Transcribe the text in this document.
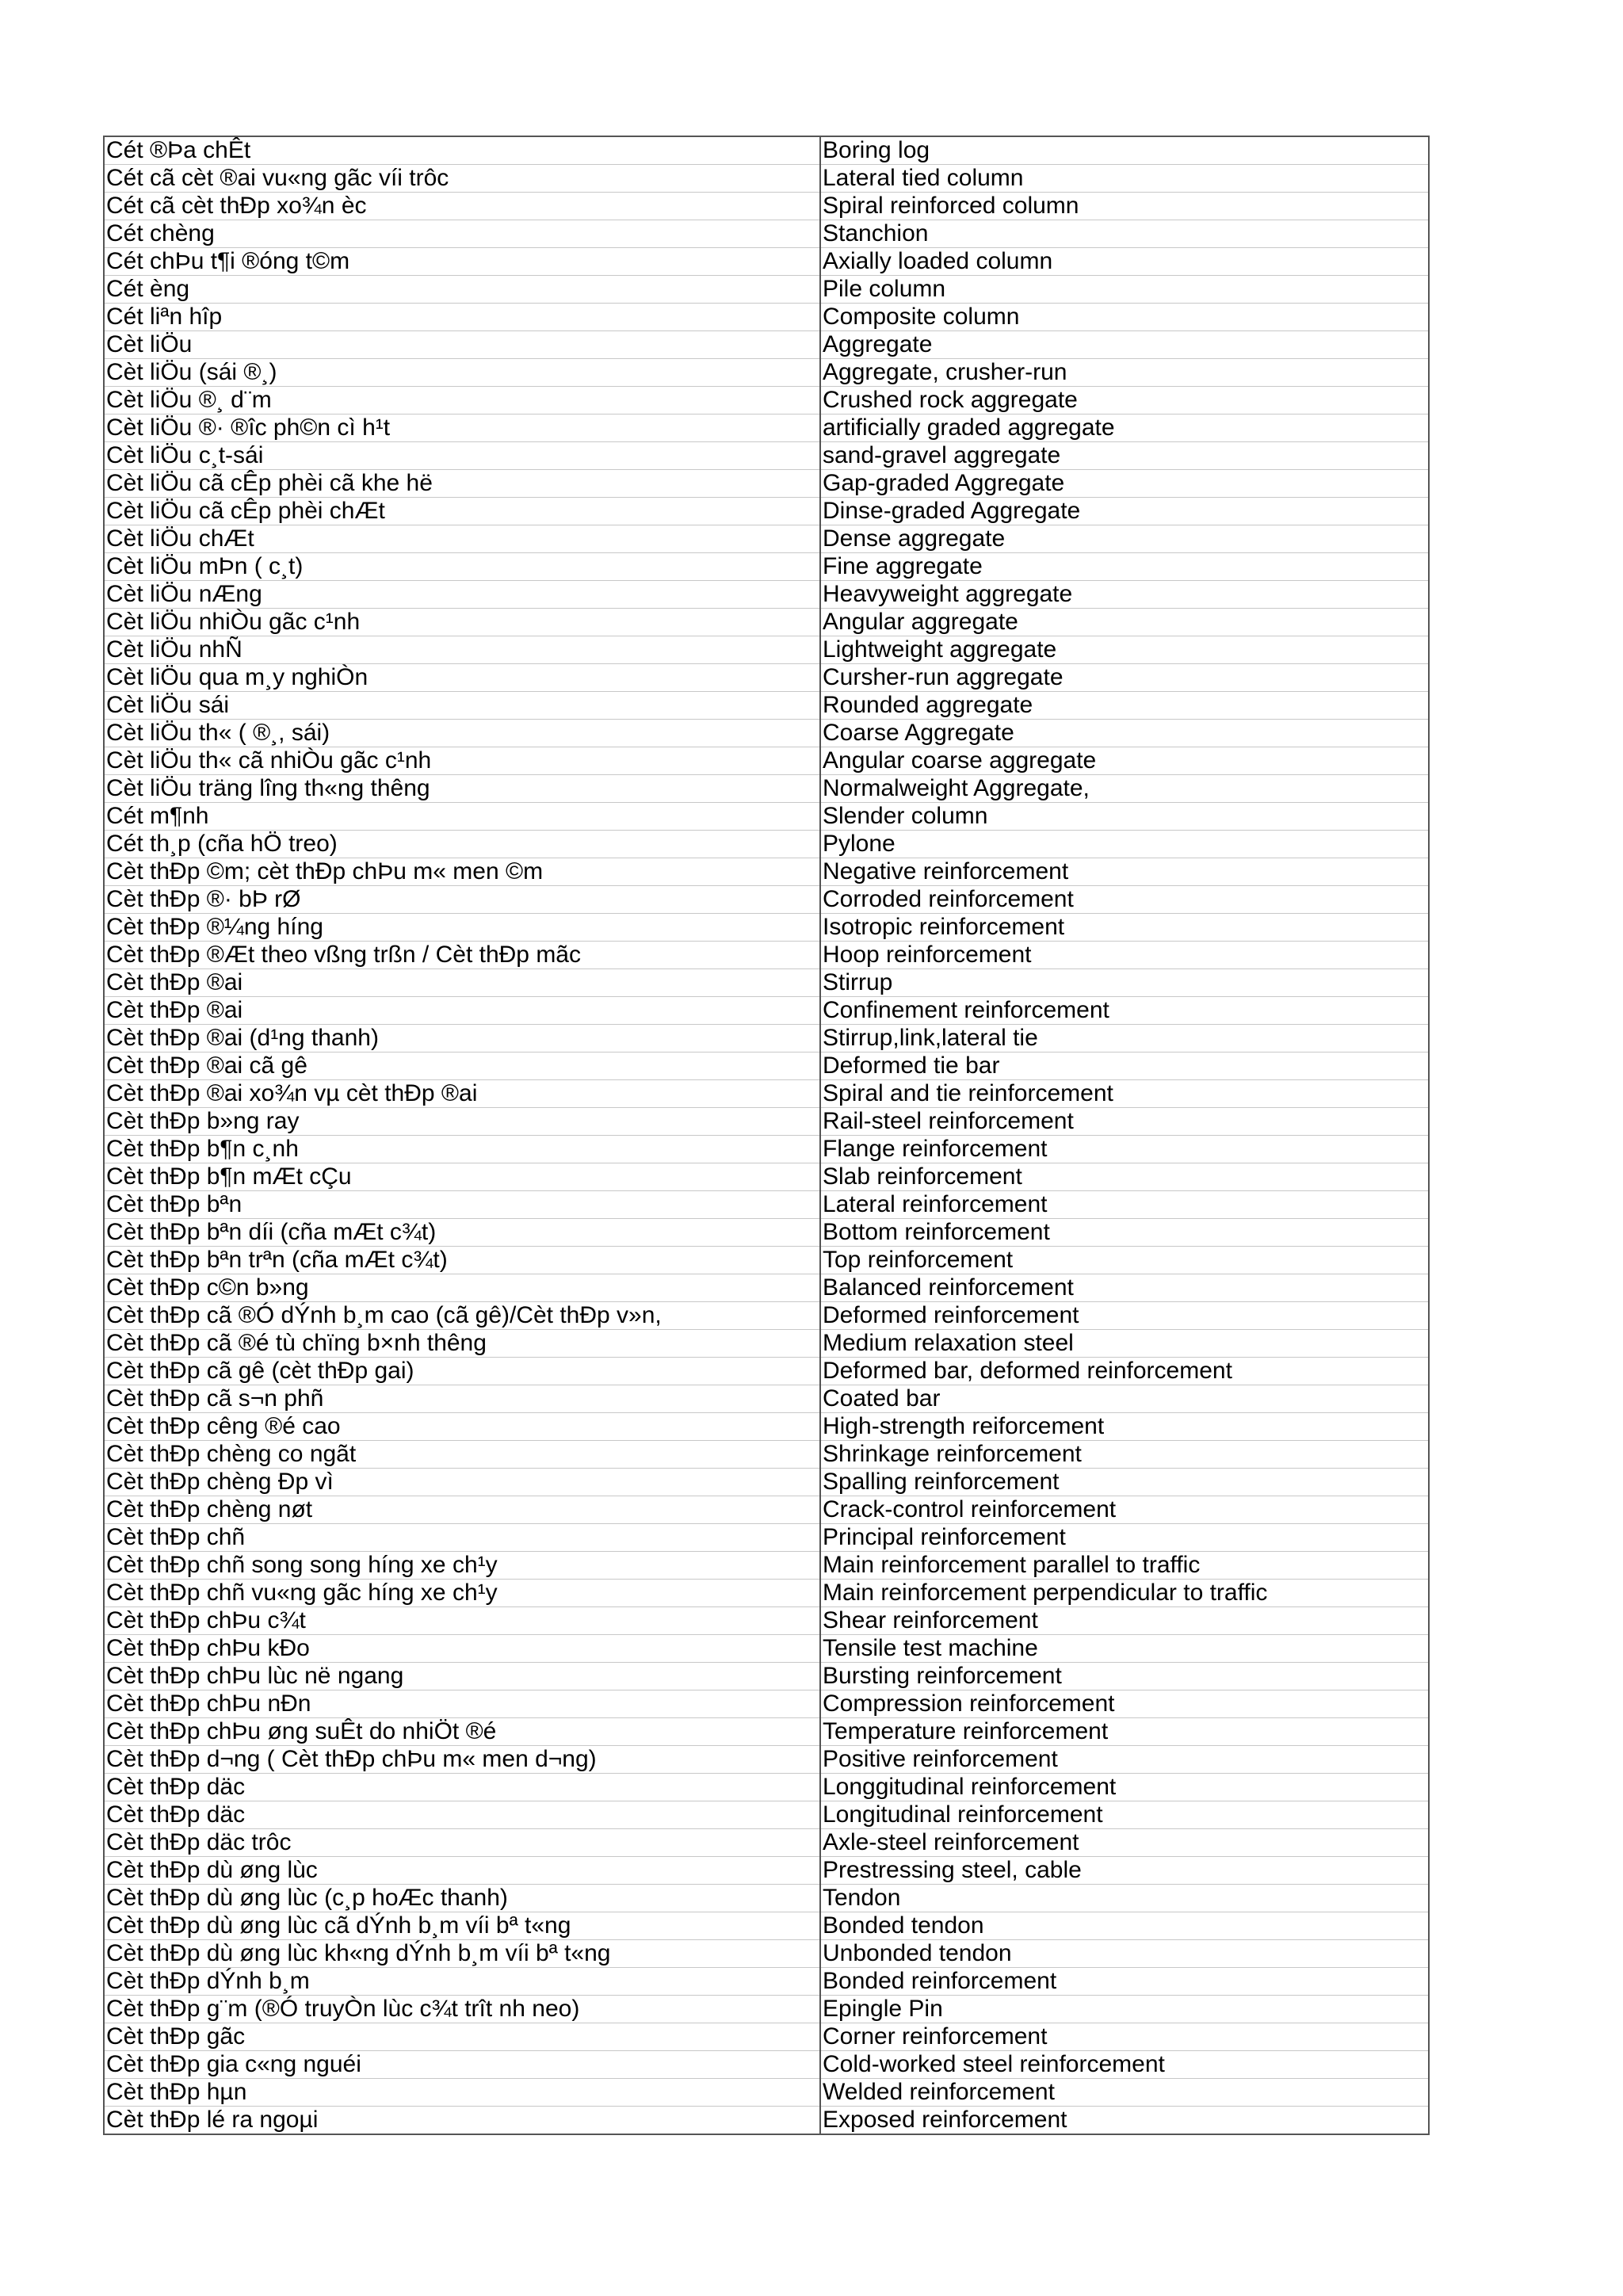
Cét ®Þa chÊt	Boring log
Cét cã cèt ®ai vu«ng gãc víi trôc	Lateral tied column
Cét cã cèt thÐp xo¾n èc	Spiral reinforced column
Cét chèng	Stanchion
Cét chÞu t¶i ®óng t©m	Axially loaded column
Cét èng	Pile column
Cét liªn hîp	Composite column
Cèt liÖu	Aggregate
Cèt liÖu (sái ®¸)	Aggregate, crusher-run
Cèt liÖu ®¸ d¨m	Crushed rock aggregate
Cèt liÖu ®· ®îc ph©n cì h¹t	artificially graded aggregate
Cèt liÖu c¸t-sái	sand-gravel aggregate
Cèt liÖu cã cÊp phèi cã khe hë	Gap-graded Aggregate
Cèt liÖu cã cÊp phèi chÆt	Dinse-graded Aggregate
Cèt liÖu chÆt	Dense aggregate
Cèt liÖu mÞn ( c¸t)	Fine aggregate
Cèt liÖu nÆng	Heavyweight aggregate
Cèt liÖu nhiÒu gãc c¹nh	Angular aggregate
Cèt liÖu nhÑ	Lightweight aggregate
Cèt liÖu qua m¸y nghiÒn	Cursher-run aggregate
Cèt liÖu sái	Rounded aggregate
Cèt liÖu th« ( ®¸, sái)	Coarse Aggregate
Cèt liÖu th« cã nhiÒu gãc c¹nh	Angular coarse aggregate
Cèt liÖu träng lîng th«ng thêng	Normalweight Aggregate,
Cét m¶nh	Slender column
Cét th¸p (cña hÖ treo)	Pylone
Cèt thÐp ©m; cèt thÐp chÞu m« men ©m	Negative reinforcement
Cèt thÐp ®· bÞ rØ	Corroded reinforcement
Cèt thÐp ®¼ng híng	Isotropic reinforcement
Cèt thÐp ®Æt theo vßng trßn / Cèt thÐp mãc	Hoop reinforcement
Cèt thÐp ®ai	Stirrup
Cèt thÐp ®ai	Confinement reinforcement
Cèt thÐp ®ai (d¹ng thanh)	Stirrup,link,lateral tie
Cèt thÐp ®ai cã gê	Deformed tie bar
Cèt thÐp ®ai xo¾n vµ cèt thÐp ®ai	Spiral and tie reinforcement
Cèt thÐp b»ng ray	Rail-steel reinforcement
Cèt thÐp b¶n c¸nh	Flange reinforcement
Cèt thÐp b¶n mÆt cÇu	Slab reinforcement
Cèt thÐp bªn	Lateral reinforcement
Cèt thÐp bªn díi (cña mÆt c¾t)	Bottom reinforcement
Cèt thÐp bªn trªn (cña mÆt c¾t)	Top reinforcement
Cèt thÐp c©n b»ng	Balanced reinforcement
Cèt thÐp cã ®Ó dÝnh b¸m cao (cã gê)/Cèt thÐp v»n,	Deformed reinforcement
Cèt thÐp cã ®é tù chïng b×nh thêng	Medium relaxation steel
Cèt thÐp cã gê (cèt thÐp gai)	Deformed bar, deformed reinforcement
Cèt thÐp cã s¬n phñ	Coated bar
Cèt thÐp cêng ®é cao	High-strength reiforcement
Cèt thÐp chèng co ngãt	Shrinkage reinforcement
Cèt thÐp chèng Ðp vì	Spalling reinforcement
Cèt thÐp chèng nøt	Crack-control reinforcement
Cèt thÐp chñ	Principal reinforcement
Cèt thÐp chñ song song híng xe ch¹y	Main reinforcement parallel to traffic
Cèt thÐp chñ vu«ng gãc híng xe ch¹y	Main reinforcement perpendicular to traffic
Cèt thÐp chÞu c¾t	Shear reinforcement
Cèt thÐp chÞu kÐo	Tensile test machine
Cèt thÐp chÞu lùc në ngang	Bursting reinforcement
Cèt thÐp chÞu nÐn	Compression reinforcement
Cèt thÐp chÞu øng suÊt do nhiÖt ®é	Temperature reinforcement
Cèt thÐp d¬ng ( Cèt thÐp chÞu m« men d¬ng)	Positive reinforcement
Cèt thÐp däc	Longgitudinal reinforcement
Cèt thÐp däc	Longitudinal reinforcement
Cèt thÐp däc trôc	Axle-steel reinforcement
Cèt thÐp dù øng lùc	Prestressing steel, cable
Cèt thÐp dù øng lùc (c¸p hoÆc thanh)	Tendon
Cèt thÐp dù øng lùc cã dÝnh b¸m víi bª t«ng	Bonded tendon
Cèt thÐp dù øng lùc kh«ng dÝnh b¸m víi bª t«ng	Unbonded tendon
Cèt thÐp dÝnh b¸m	Bonded reinforcement
Cèt thÐp g¨m (®Ó truyÒn lùc c¾t trît nh neo)	Epingle Pin
Cèt thÐp gãc	Corner reinforcement
Cèt thÐp gia c«ng nguéi	Cold-worked steel reinforcement
Cèt thÐp hµn	Welded reinforcement
Cèt thÐp lé ra ngoµi	Exposed reinforcement
